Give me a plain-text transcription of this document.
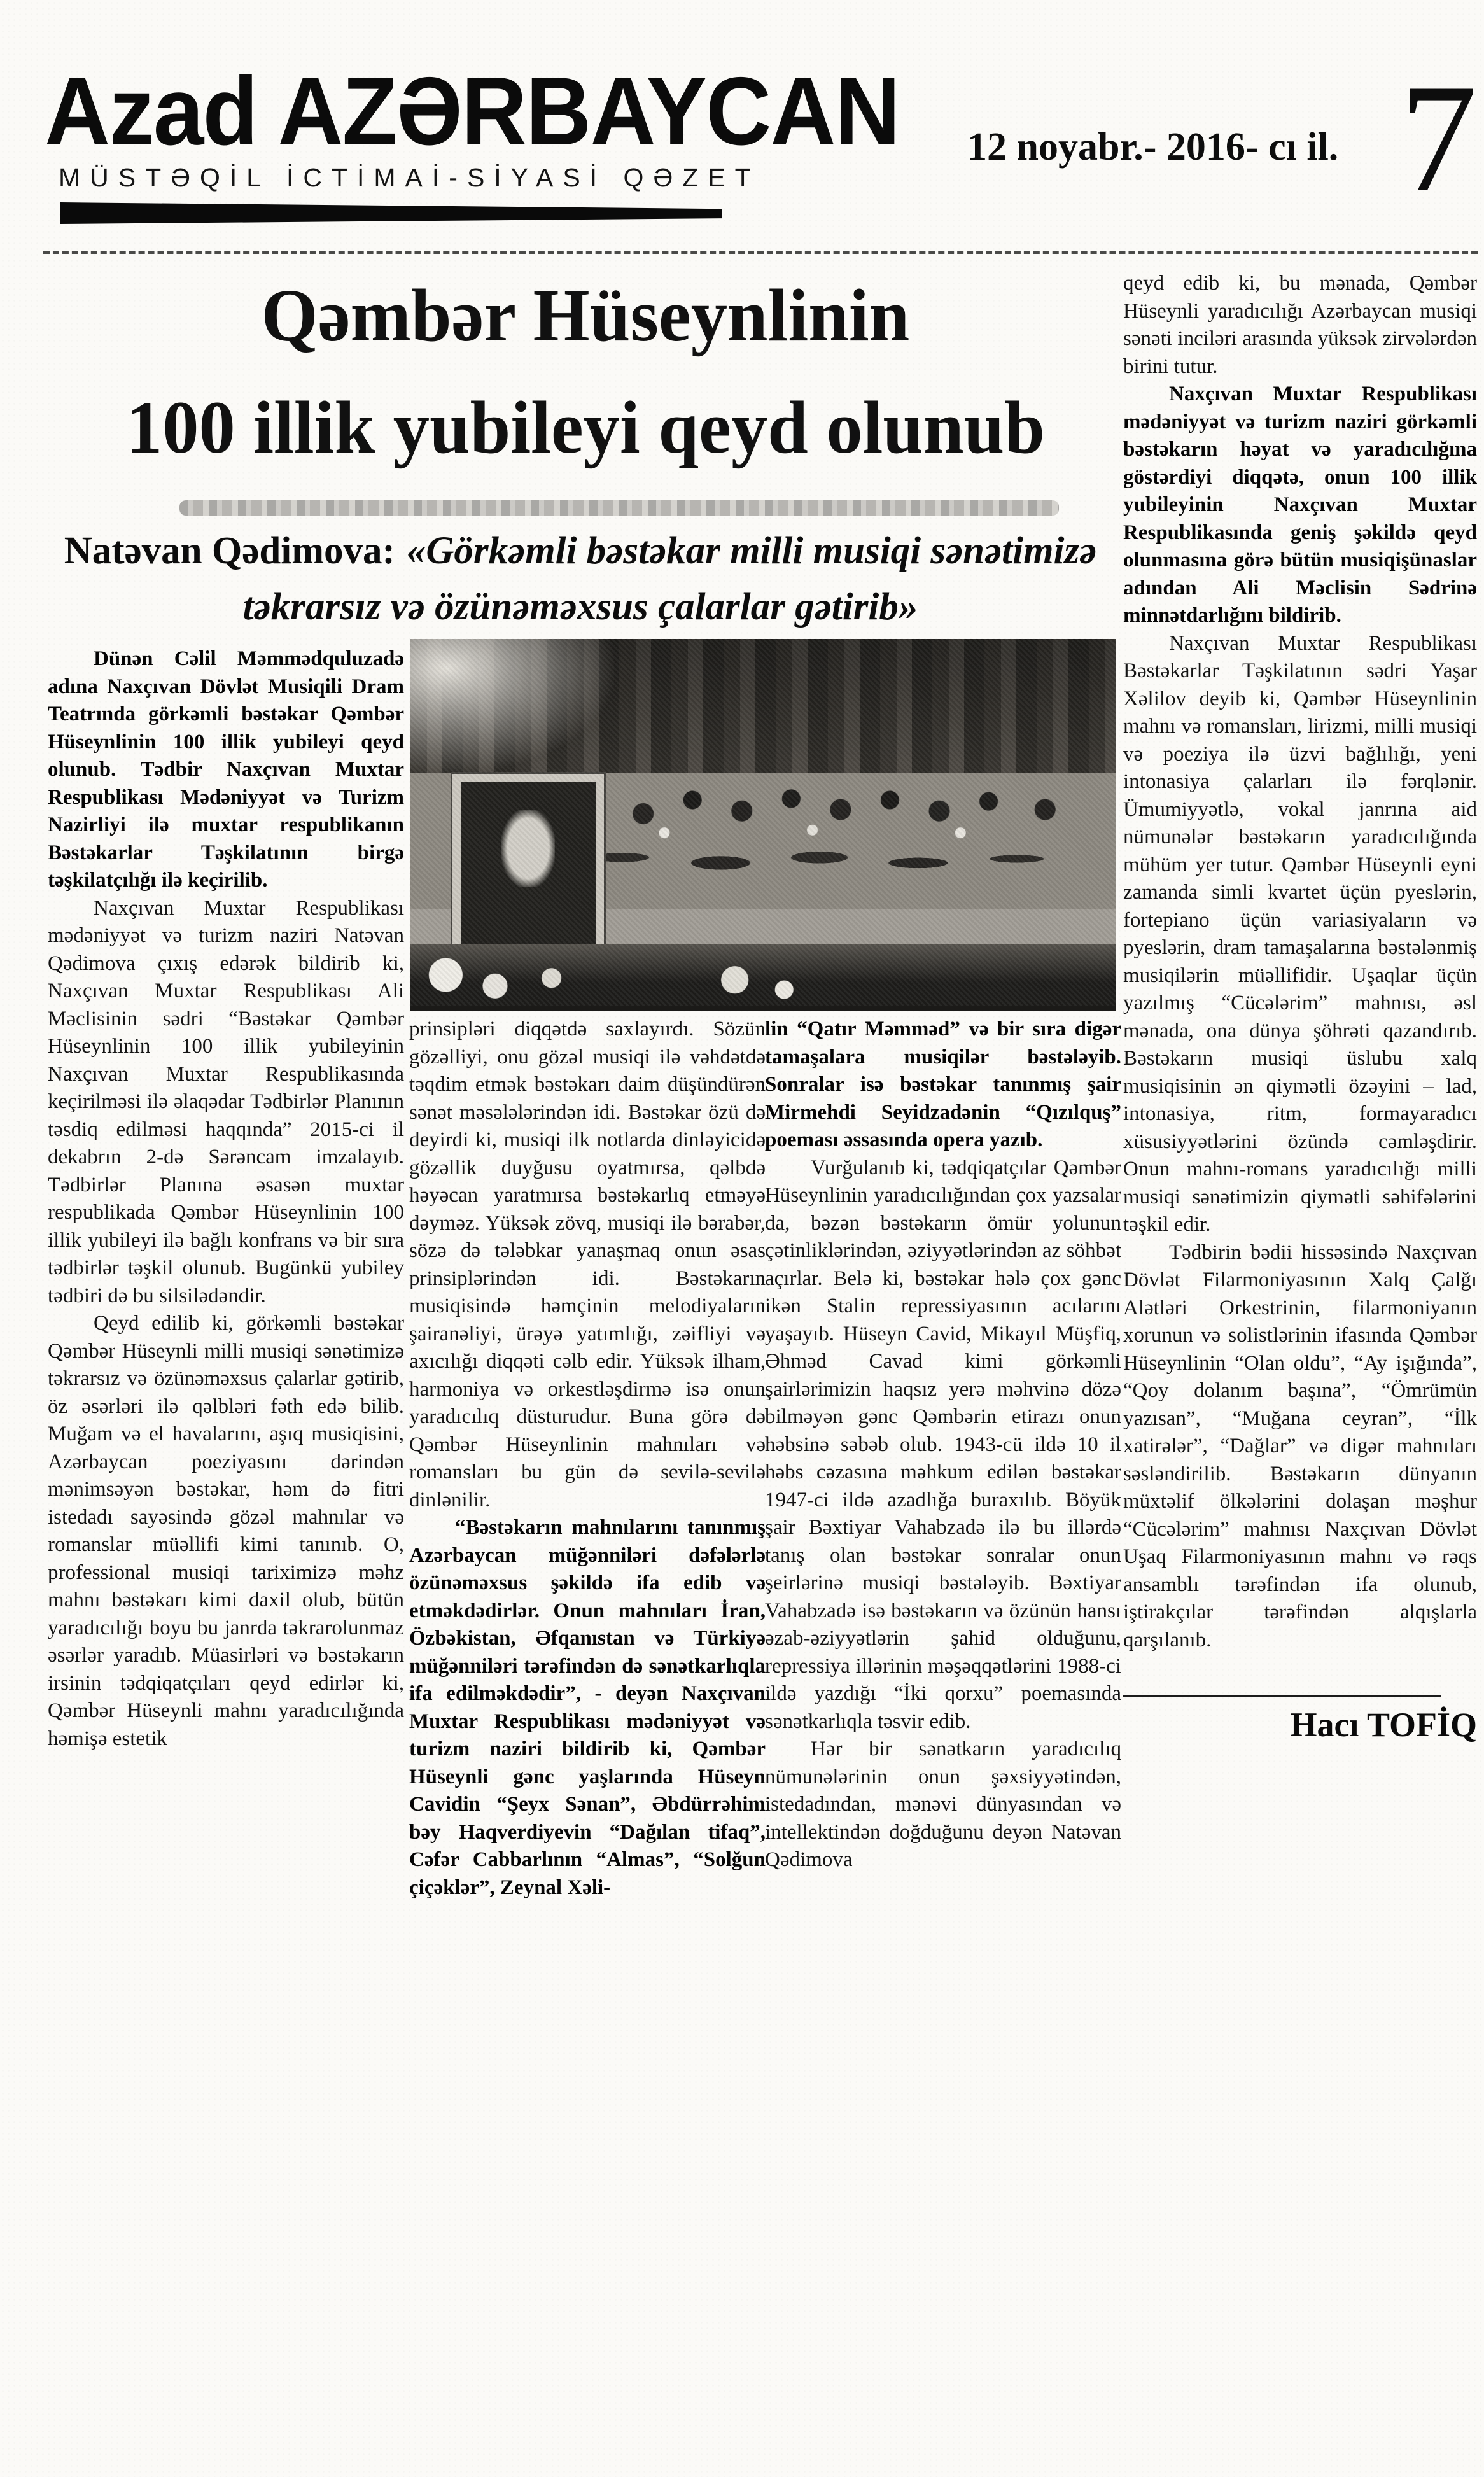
Azad AZƏRBAYCAN
MÜSTƏQİL İCTİMAİ-SİYASİ QƏZET
12 noyabr.- 2016- cı il. 7
Qəmbər Hüseynlinin
100 illik yubileyi qeyd olunub
Natəvan Qədimova: «Görkəmli bəstəkar milli musiqi sənətimizə təkrarsız və özünəməxsus çalarlar gətirib»

Dünən Cəlil Məmmədquluzadə adına Naxçıvan Dövlət Musiqili Dram Teatrında görkəmli bəstəkar Qəmbər Hüseynlinin 100 illik yubileyi qeyd olunub. Tədbir Naxçıvan Muxtar Respublikası Mədəniyyət və Turizm Nazirliyi ilə muxtar respublikanın Bəstəkarlar Təşkilatının birgə təşkilatçılığı ilə keçirilib.

Naxçıvan Muxtar Respublikası mədəniyyət və turizm naziri Natəvan Qədimova çıxış edərək bildirib ki, Naxçıvan Muxtar Respublikası Ali Məclisinin sədri “Bəstəkar Qəmbər Hüseynlinin 100 illik yubileyinin Naxçıvan Muxtar Respublikasında keçirilməsi ilə əlaqədar Tədbirlər Planının təsdiq edilməsi haqqında” 2015-ci il dekabrın 2-də Sərəncam imzalayıb. Tədbirlər Planına əsasən muxtar respublikada Qəmbər Hüseynlinin 100 illik yubileyi ilə bağlı konfrans və bir sıra tədbirlər təşkil olunub. Bugünkü yubiley tədbiri də bu silsilədəndir.

Qeyd edilib ki, görkəmli bəstəkar Qəmbər Hüseynli milli musiqi sənətimizə təkrarsız və özünəməxsus çalarlar gətirib, öz əsərləri ilə qəlbləri fəth edə bilib. Muğam və el havalarını, aşıq musiqisini, Azərbaycan poeziyasını dərindən mənimsəyən bəstəkar, həm də fitri istedadı sayəsində gözəl mahnılar və romanslar müəllifi kimi tanınıb. O, professional musiqi tariximizə məhz mahnı bəstəkarı kimi daxil olub, bütün yaradıcılığı boyu bu janrda təkrarolunmaz əsərlər yaradıb. Müasirləri və bəstəkarın irsinin tədqiqatçıları qeyd edirlər ki, Qəmbər Hüseynli mahnı yaradıcılığında həmişə estetik

prinsipləri diqqətdə saxlayırdı. Sözün gözəlliyi, onu gözəl musiqi ilə vəhdətdə təqdim etmək bəstəkarı daim düşündürən sənət məsələlərindən idi. Bəstəkar özü də deyirdi ki, musiqi ilk notlarda dinləyicidə gözəllik duyğusu oyatmırsa, qəlbdə həyəcan yaratmırsa bəstəkarlıq etməyə dəyməz. Yüksək zövq, musiqi ilə bərabər, sözə də tələbkar yanaşmaq onun əsas prinsiplərindən idi. Bəstəkarın musiqisində həmçinin melodiyaların şairanəliyi, ürəyə yatımlığı, zəifliyi və axıcılığı diqqəti cəlb edir. Yüksək ilham, harmoniya və orkestləşdirmə isə onun yaradıcılıq düsturudur. Buna görə də Qəmbər Hüseynlinin mahnıları və romansları bu gün də sevilə-sevilə dinlənilir.

“Bəstəkarın mahnılarını tanınmış Azərbaycan müğənniləri dəfələrlə özünəməxsus şəkildə ifa edib və etməkdədirlər. Onun mahnıları İran, Özbəkistan, Əfqanıstan və Türkiyə müğənniləri tərəfindən də sənətkarlıqla ifa edilməkdədir”, - deyən Naxçıvan Muxtar Respublikası mədəniyyət və turizm naziri bildirib ki, Qəmbər Hüseynli gənc yaşlarında Hüseyn Cavidin “Şeyx Sənan”, Əbdürrəhim bəy Haqverdiyevin “Dağılan tifaq”, Cəfər Cabbarlının “Almas”, “Solğun çiçəklər”, Zeynal Xəli-

lin “Qatır Məmməd” və bir sıra digər tamaşalara musiqilər bəstələyib. Sonralar isə bəstəkar tanınmış şair Mirmehdi Seyidzadənin “Qızılquş” poeması əssasında opera yazıb.

Vurğulanıb ki, tədqiqatçılar Qəmbər Hüseynlinin yaradıcılığından çox yazsalar da, bəzən bəstəkarın ömür yolunun çətinliklərindən, əziyyətlərindən az söhbət açırlar. Belə ki, bəstəkar hələ çox gənc ikən Stalin repressiyasının acılarını yaşayıb. Hüseyn Cavid, Mikayıl Müşfiq, Əhməd Cavad kimi görkəmli şairlərimizin haqsız yerə məhvinə dözə bilməyən gənc Qəmbərin etirazı onun həbsinə səbəb olub. 1943-cü ildə 10 il həbs cəzasına məhkum edilən bəstəkar 1947-ci ildə azadlığa buraxılıb. Böyük şair Bəxtiyar Vahabzadə ilə bu illərdə tanış olan bəstəkar sonralar onun şeirlərinə musiqi bəstələyib. Bəxtiyar Vahabzadə isə bəstəkarın və özünün hansı əzab-əziyyətlərin şahid olduğunu, repressiya illərinin məşəqqətlərini 1988-ci ildə yazdığı “İki qorxu” poemasında sənətkarlıqla təsvir edib.

Hər bir sənətkarın yaradıcılıq nümunələrinin onun şəxsiyyətindən, istedadından, mənəvi dünyasından və intellektindən doğduğunu deyən Natəvan Qədimova

qeyd edib ki, bu mənada, Qəmbər Hüseynli yaradıcılığı Azərbaycan musiqi sənəti inciləri arasında yüksək zirvələrdən birini tutur.

Naxçıvan Muxtar Respublikası mədəniyyət və turizm naziri görkəmli bəstəkarın həyat və yaradıcılığına göstərdiyi diqqətə, onun 100 illik yubileyinin Naxçıvan Muxtar Respublikasında geniş şəkildə qeyd olunmasına görə bütün musiqişünaslar adından Ali Məclisin Sədrinə minnətdarlığını bildirib.

Naxçıvan Muxtar Respublikası Bəstəkarlar Təşkilatının sədri Yaşar Xəlilov deyib ki, Qəmbər Hüseynlinin mahnı və romansları, lirizmi, milli musiqi və poeziya ilə üzvi bağlılığı, yeni intonasiya çalarları ilə fərqlənir. Ümumiyyətlə, vokal janrına aid nümunələr bəstəkarın yaradıcılığında mühüm yer tutur. Qəmbər Hüseynli eyni zamanda simli kvartet üçün pyeslərin, fortepiano üçün variasiyaların və pyeslərin, dram tamaşalarına bəstələnmiş musiqilərin müəllifidir. Uşaqlar üçün yazılmış “Cücələrim” mahnısı, əsl mənada, ona dünya şöhrəti qazandırıb. Bəstəkarın musiqi üslubu xalq musiqisinin ən qiymətli özəyini – lad, intonasiya, ritm, formayaradıcı xüsusiyyətlərini özündə cəmləşdirir. Onun mahnı-romans yaradıcılığı milli musiqi sənətimizin qiymətli səhifələrini təşkil edir.

Tədbirin bədii hissəsində Naxçıvan Dövlət Filarmoniyasının Xalq Çalğı Alətləri Orkestrinin, filarmoniyanın xorunun və solistlərinin ifasında Qəmbər Hüseynlinin “Olan oldu”, “Ay işığında”, “Qoy dolanım başına”, “Ömrümün yazısan”, “Muğana ceyran”, “İlk xatirələr”, “Dağlar” və digər mahnıları səsləndirilib. Bəstəkarın dünyanın müxtəlif ölkələrini dolaşan məşhur “Cücələrim” mahnısı Naxçıvan Dövlət Uşaq Filarmoniyasının mahnı və rəqs ansamblı tərəfindən ifa olunub, iştirakçılar tərəfindən alqışlarla qarşılanıb.

Hacı TOFİQ
